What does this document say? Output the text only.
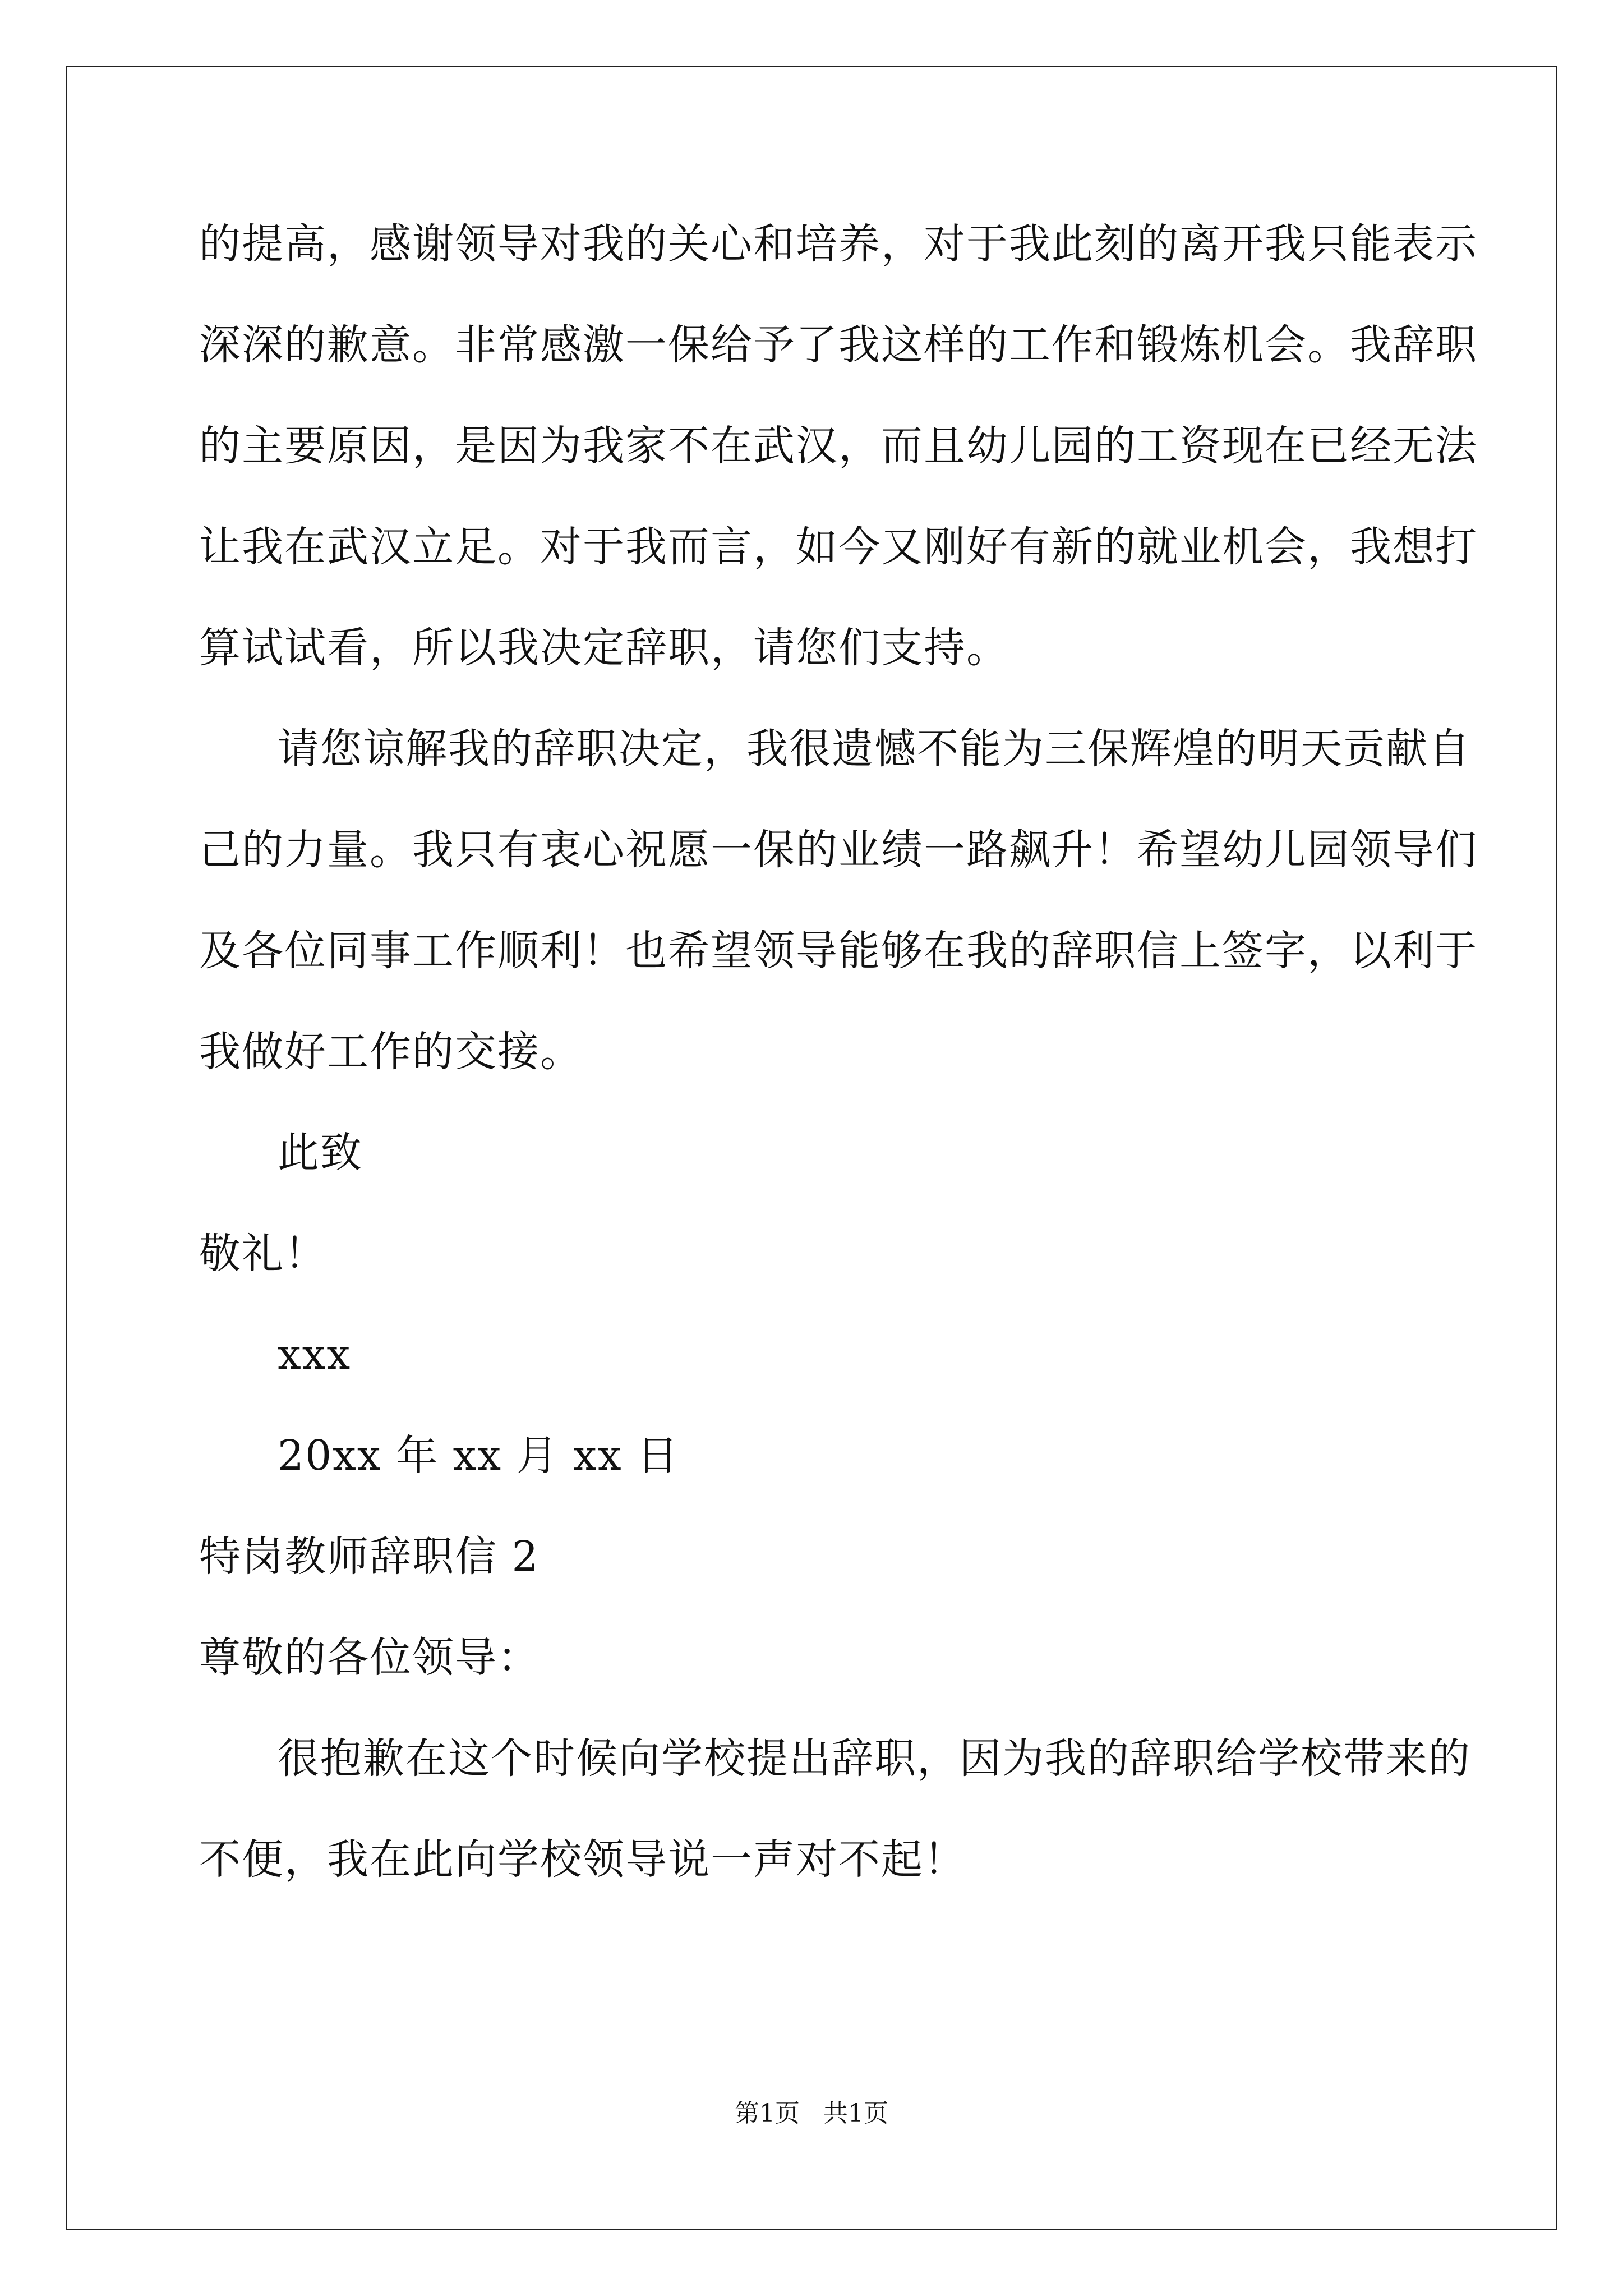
的提高，感谢领导对我的关心和培养，对于我此刻的离开我只能表示
深深的歉意。非常感激一保给予了我这样的工作和锻炼机会。我辞职
的主要原因，是因为我家不在武汉，而且幼儿园的工资现在已经无法
让我在武汉立足。对于我而言，如今又刚好有新的就业机会，我想打
算试试看，所以我决定辞职，请您们支持。
请您谅解我的辞职决定，我很遗憾不能为三保辉煌的明天贡献自
己的力量。我只有衷心祝愿一保的业绩一路飙升！希望幼儿园领导们
及各位同事工作顺利！也希望领导能够在我的辞职信上签字，以利于
我做好工作的交接。
此致
敬礼！
xxx
20xx 年 xx 月 xx 日
特岗教师辞职信 2
尊敬的各位领导：
很抱歉在这个时候向学校提出辞职，因为我的辞职给学校带来的
不便，我在此向学校领导说一声对不起！
第1页   共1页
